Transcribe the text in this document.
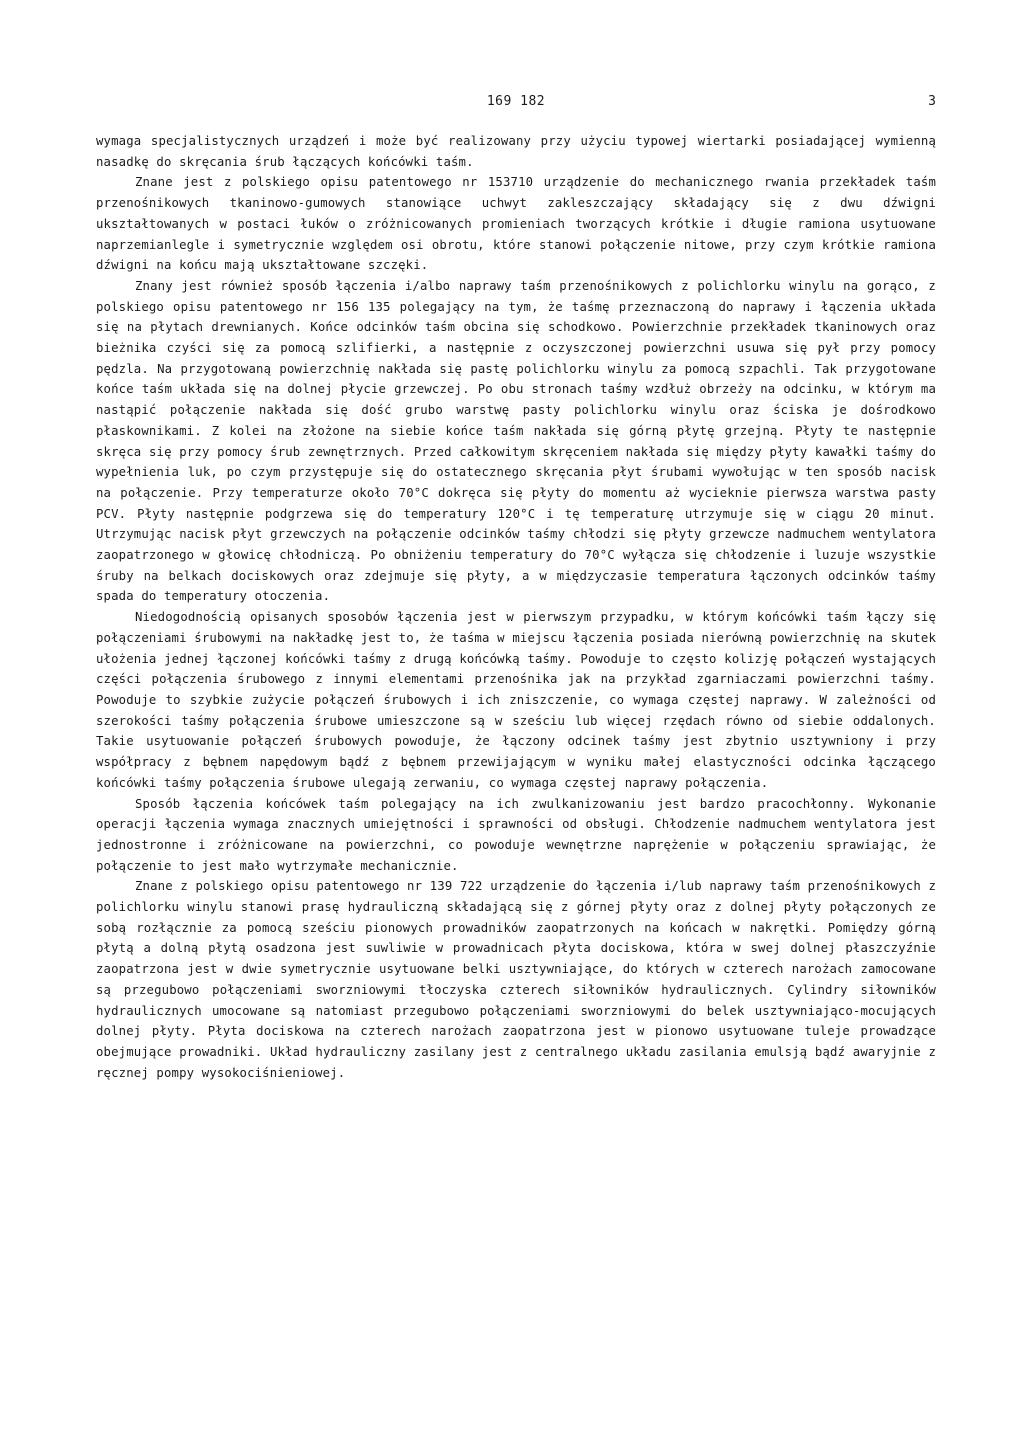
169 182	3

wymaga specjalistycznych urządzeń i może być realizowany przy użyciu typowej wiertarki posiadającej wymienną nasadkę do skręcania śrub łączących końcówki taśm.

Znane jest z polskiego opisu patentowego nr 153710 urządzenie do mechanicznego rwania przekładek taśm przenośnikowych tkaninowo-gumowych stanowiące uchwyt zakleszczający składający się z dwu dźwigni ukształtowanych w postaci łuków o zróżnicowanych promieniach tworzących krótkie i długie ramiona usytuowane naprzemianlegle i symetrycznie względem osi obrotu, które stanowi połączenie nitowe, przy czym krótkie ramiona dźwigni na końcu mają ukształtowane szczęki.

Znany jest również sposób łączenia i/albo naprawy taśm przenośnikowych z polichlorku winylu na gorąco, z polskiego opisu patentowego nr 156 135 polegający na tym, że taśmę przeznaczoną do naprawy i łączenia układa się na płytach drewnianych. Końce odcinków taśm obcina się schodkowo. Powierzchnie przekładek tkaninowych oraz bieżnika czyści się za pomocą szlifierki, a następnie z oczyszczonej powierzchni usuwa się pył przy pomocy pędzla. Na przygotowaną powierzchnię nakłada się pastę polichlorku winylu za pomocą szpachli. Tak przygotowane końce taśm układa się na dolnej płycie grzewczej. Po obu stronach taśmy wzdłuż obrzeży na odcinku, w którym ma nastąpić połączenie nakłada się dość grubo warstwę pasty polichlorku winylu oraz ściska je dośrodkowo płaskownikami. Z kolei na złożone na siebie końce taśm nakłada się górną płytę grzejną. Płyty te następnie skręca się przy pomocy śrub zewnętrznych. Przed całkowitym skręceniem nakłada się między płyty kawałki taśmy do wypełnienia luk, po czym przystępuje się do ostatecznego skręcania płyt śrubami wywołując w ten sposób nacisk na połączenie. Przy temperaturze około 70°C dokręca się płyty do momentu aż wycieknie pierwsza warstwa pasty PCV. Płyty następnie podgrzewa się do temperatury 120°C i tę temperaturę utrzymuje się w ciągu 20 minut. Utrzymując nacisk płyt grzewczych na połączenie odcinków taśmy chłodzi się płyty grzewcze nadmuchem wentylatora zaopatrzonego w głowicę chłodniczą. Po obniżeniu temperatury do 70°C wyłącza się chłodzenie i luzuje wszystkie śruby na belkach dociskowych oraz zdejmuje się płyty, a w międzyczasie temperatura łączonych odcinków taśmy spada do temperatury otoczenia.

Niedogodnością opisanych sposobów łączenia jest w pierwszym przypadku, w którym końcówki taśm łączy się połączeniami śrubowymi na nakładkę jest to, że taśma w miejscu łączenia posiada nierówną powierzchnię na skutek ułożenia jednej łączonej końcówki taśmy z drugą końcówką taśmy. Powoduje to często kolizję połączeń wystających części połączenia śrubowego z innymi elementami przenośnika jak na przykład zgarniaczami powierzchni taśmy. Powoduje to szybkie zużycie połączeń śrubowych i ich zniszczenie, co wymaga częstej naprawy. W zależności od szerokości taśmy połączenia śrubowe umieszczone są w sześciu lub więcej rzędach równo od siebie oddalonych. Takie usytuowanie połączeń śrubowych powoduje, że łączony odcinek taśmy jest zbytnio usztywniony i przy współpracy z bębnem napędowym bądź z bębnem przewijającym w wyniku małej elastyczności odcinka łączącego końcówki taśmy połączenia śrubowe ulegają zerwaniu, co wymaga częstej naprawy połączenia.

Sposób łączenia końcówek taśm polegający na ich zwulkanizowaniu jest bardzo pracochłonny. Wykonanie operacji łączenia wymaga znacznych umiejętności i sprawności od obsługi. Chłodzenie nadmuchem wentylatora jest jednostronne i zróżnicowane na powierzchni, co powoduje wewnętrzne naprężenie w połączeniu sprawiając, że połączenie to jest mało wytrzymałe mechanicznie.

Znane z polskiego opisu patentowego nr 139 722 urządzenie do łączenia i/lub naprawy taśm przenośnikowych z polichlorku winylu stanowi prasę hydrauliczną składającą się z górnej płyty oraz z dolnej płyty połączonych ze sobą rozłącznie za pomocą sześciu pionowych prowadników zaopatrzonych na końcach w nakrętki. Pomiędzy górną płytą a dolną płytą osadzona jest suwliwie w prowadnicach płyta dociskowa, która w swej dolnej płaszczyźnie zaopatrzona jest w dwie symetrycznie usytuowane belki usztywniające, do których w czterech narożach zamocowane są przegubowo połączeniami sworzniowymi tłoczyska czterech siłowników hydraulicznych. Cylindry siłowników hydraulicznych umocowane są natomiast przegubowo połączeniami sworzniowymi do belek usztywniająco-mocujących dolnej płyty. Płyta dociskowa na czterech narożach zaopatrzona jest w pionowo usytuowane tuleje prowadzące obejmujące prowadniki. Układ hydrauliczny zasilany jest z centralnego układu zasilania emulsją bądź awaryjnie z ręcznej pompy wysokociśnieniowej.
